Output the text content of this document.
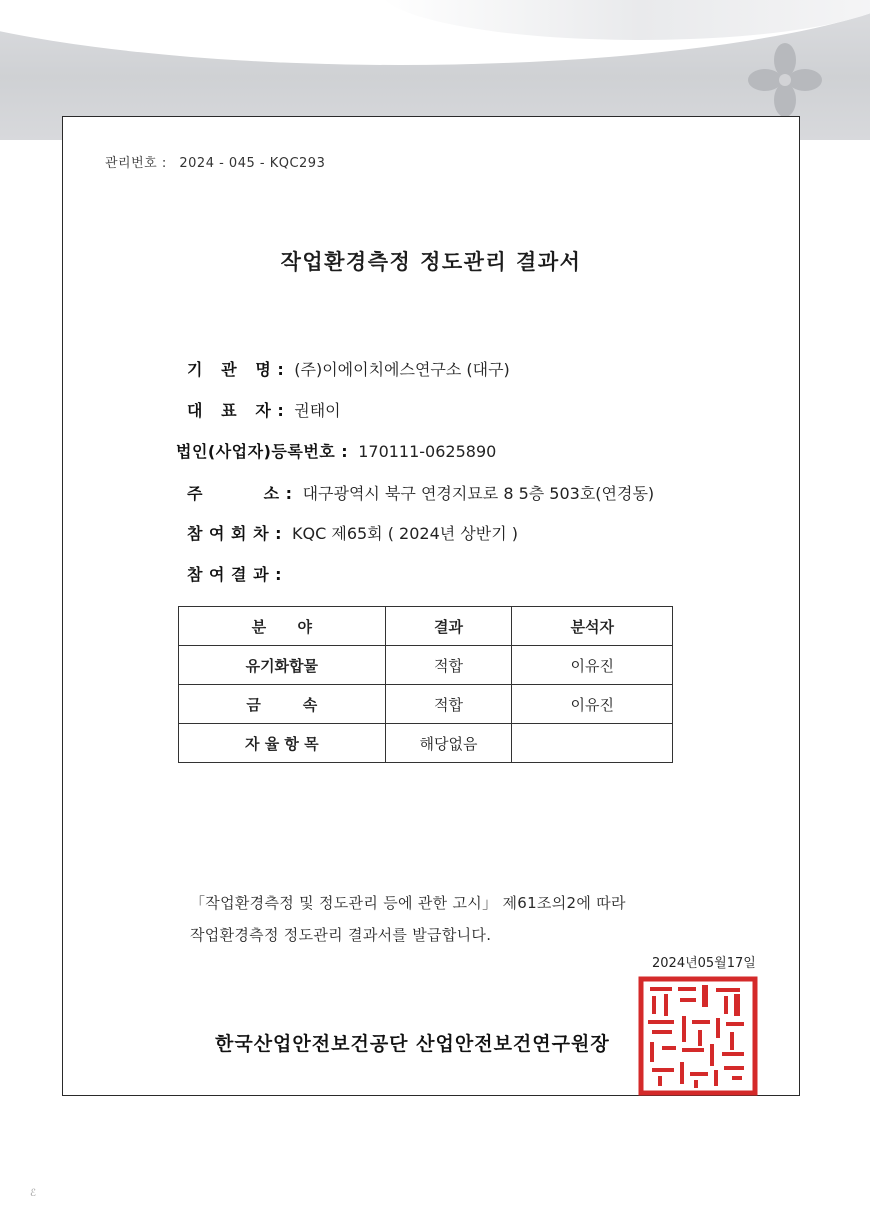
관리번호 : 2024 - 045 - KQC293
작업환경측정 정도관리 결과서
기   관   명 : (주)이에이치에스연구소 (대구)
대   표   자 : 권태이
법인(사업자)등록번호 : 170111-0625890
주          소 : 대구광역시 북구 연경지묘로 8 5층 503호(연경동)
참 여 회 차 : KQC 제65회 ( 2024년 상반기 )
참 여 결 과 :
분      야	결과	분석자
유기화합물	적합	이유진
금        속	적합	이유진
자 율 항 목	해당없음	
「작업환경측정 및 정도관리 등에 관한 고시」 제61조의2에 따라
작업환경측정 정도관리 결과서를 발급합니다.
2024년05월17일
한국산업안전보건공단 산업안전보건연구원장
ℰ
